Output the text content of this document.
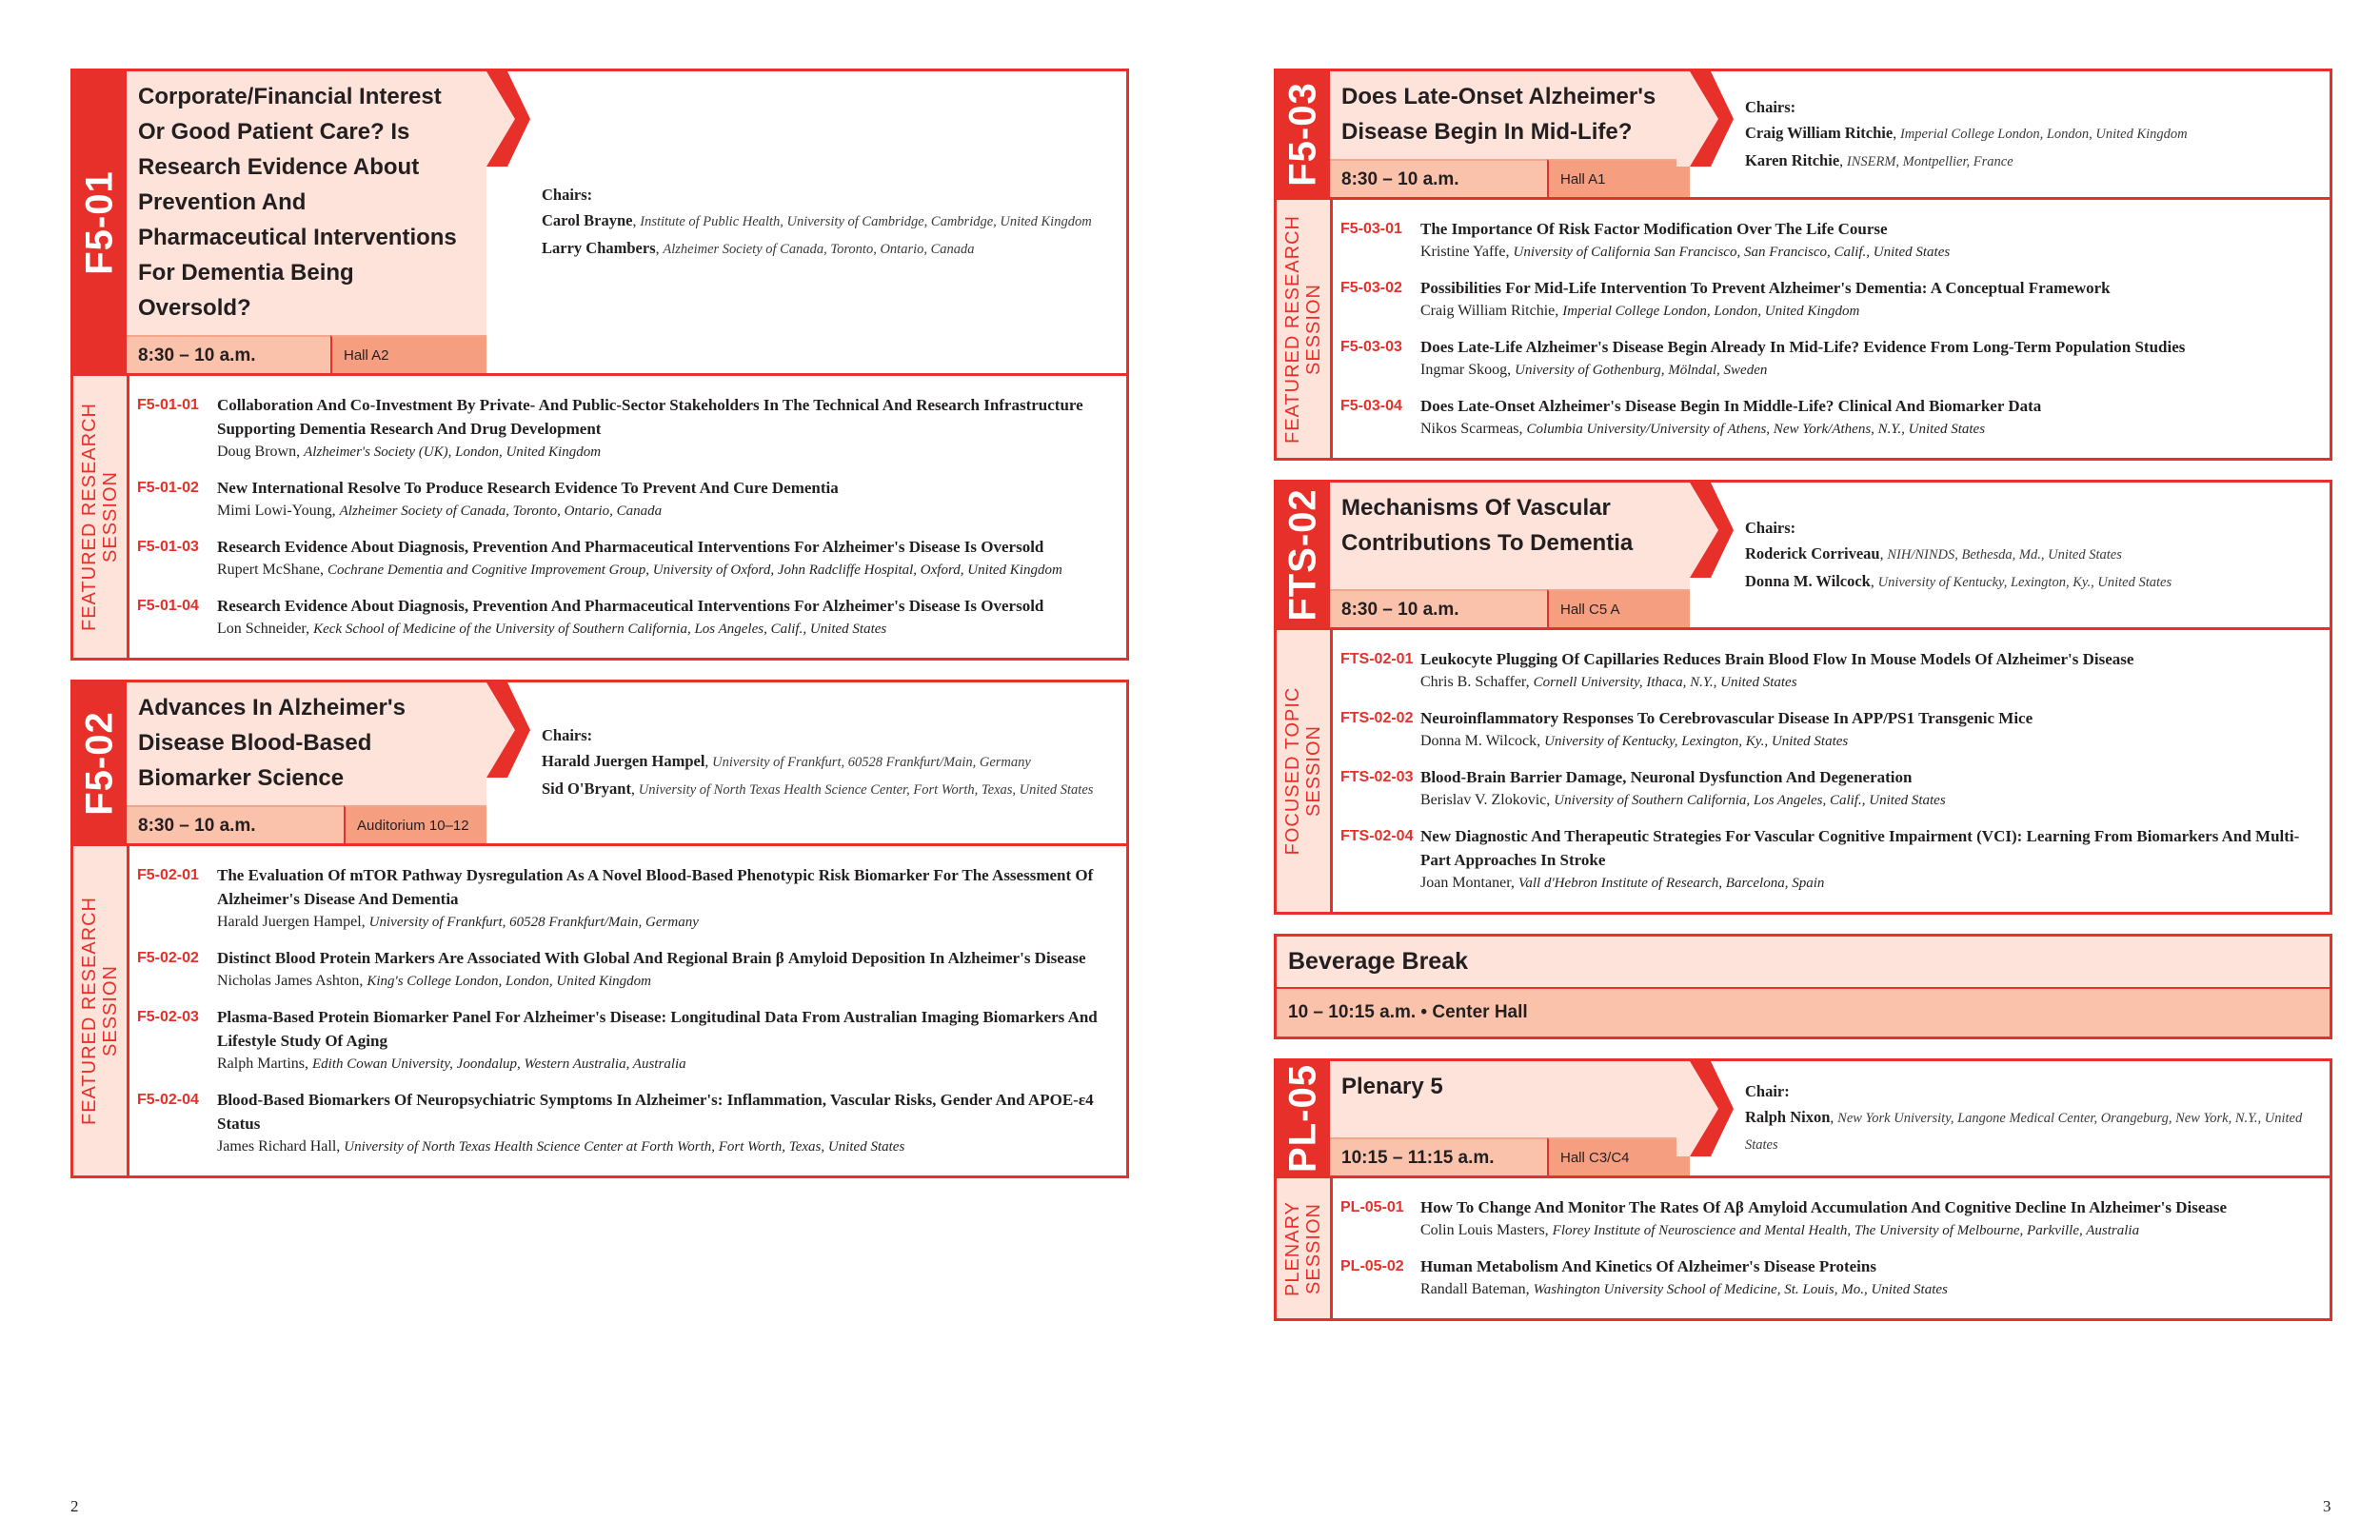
F5-01
Corporate/Financial Interest Or Good Patient Care? Is Research Evidence About Prevention And Pharmaceutical Interventions For Dementia Being Oversold?
8:30 – 10 a.m.	Hall A2
Chairs:
Carol Brayne, Institute of Public Health, University of Cambridge, Cambridge, United Kingdom
Larry Chambers, Alzheimer Society of Canada, Toronto, Ontario, Canada
FEATURED RESEARCH
SESSION
F5-01-01	Collaboration And Co-Investment By Private- And Public-Sector Stakeholders In The Technical And Research Infrastructure Supporting Dementia Research And Drug Development
Doug Brown, Alzheimer's Society (UK), London, United Kingdom
F5-01-02	New International Resolve To Produce Research Evidence To Prevent And Cure Dementia
Mimi Lowi-Young, Alzheimer Society of Canada, Toronto, Ontario, Canada
F5-01-03	Research Evidence About Diagnosis, Prevention And Pharmaceutical Interventions For Alzheimer's Disease Is Oversold
Rupert McShane, Cochrane Dementia and Cognitive Improvement Group, University of Oxford, John Radcliffe Hospital, Oxford, United Kingdom
F5-01-04	Research Evidence About Diagnosis, Prevention And Pharmaceutical Interventions For Alzheimer's Disease Is Oversold
Lon Schneider, Keck School of Medicine of the University of Southern California, Los Angeles, Calif., United States
F5-02
Advances In Alzheimer's Disease Blood-Based Biomarker Science
8:30 – 10 a.m.	Auditorium 10–12
Chairs:
Harald Juergen Hampel, University of Frankfurt, 60528 Frankfurt/Main, Germany
Sid O'Bryant, University of North Texas Health Science Center, Fort Worth, Texas, United States
FEATURED RESEARCH
SESSION
F5-02-01	The Evaluation Of mTOR Pathway Dysregulation As A Novel Blood-Based Phenotypic Risk Biomarker For The Assessment Of Alzheimer's Disease And Dementia
Harald Juergen Hampel, University of Frankfurt, 60528 Frankfurt/Main, Germany
F5-02-02	Distinct Blood Protein Markers Are Associated With Global And Regional Brain β Amyloid Deposition In Alzheimer's Disease
Nicholas James Ashton, King's College London, London, United Kingdom
F5-02-03	Plasma-Based Protein Biomarker Panel For Alzheimer's Disease: Longitudinal Data From Australian Imaging Biomarkers And Lifestyle Study Of Aging
Ralph Martins, Edith Cowan University, Joondalup, Western Australia, Australia
F5-02-04	Blood-Based Biomarkers Of Neuropsychiatric Symptoms In Alzheimer's: Inflammation, Vascular Risks, Gender And APOE-ε4 Status
James Richard Hall, University of North Texas Health Science Center at Forth Worth, Fort Worth, Texas, United States
F5-03 Does Late-Onset Alzheimer's Disease Begin In Mid-Life?
8:30 – 10 a.m.	Hall A1
Chairs:
Craig William Ritchie, Imperial College London, London, United Kingdom
Karen Ritchie, INSERM, Montpellier, France
FEATURED RESEARCH
SESSION
F5-03-01	The Importance Of Risk Factor Modification Over The Life Course
Kristine Yaffe, University of California San Francisco, San Francisco, Calif., United States
F5-03-02	Possibilities For Mid-Life Intervention To Prevent Alzheimer's Dementia: A Conceptual Framework
Craig William Ritchie, Imperial College London, London, United Kingdom
F5-03-03	Does Late-Life Alzheimer's Disease Begin Already In Mid-Life? Evidence From Long-Term Population Studies
Ingmar Skoog, University of Gothenburg, Mölndal, Sweden
F5-03-04	Does Late-Onset Alzheimer's Disease Begin In Middle-Life? Clinical And Biomarker Data
Nikos Scarmeas, Columbia University/University of Athens, New York/Athens, N.Y., United States
FTS-02 Mechanisms Of Vascular Contributions To Dementia
8:30 – 10 a.m.	Hall C5 A
Chairs:
Roderick Corriveau, NIH/NINDS, Bethesda, Md., United States
Donna M. Wilcock, University of Kentucky, Lexington, Ky., United States
FOCUSED TOPIC
SESSION
FTS-02-01 Leukocyte Plugging Of Capillaries Reduces Brain Blood Flow In Mouse Models Of Alzheimer's Disease
Chris B. Schaffer, Cornell University, Ithaca, N.Y., United States
FTS-02-02 Neuroinflammatory Responses To Cerebrovascular Disease In APP/PS1 Transgenic Mice
Donna M. Wilcock, University of Kentucky, Lexington, Ky., United States
FTS-02-03 Blood-Brain Barrier Damage, Neuronal Dysfunction And Degeneration
Berislav V. Zlokovic, University of Southern California, Los Angeles, Calif., United States
FTS-02-04 New Diagnostic And Therapeutic Strategies For Vascular Cognitive Impairment (VCI): Learning From Biomarkers And Multi-Part Approaches In Stroke
Joan Montaner, Vall d'Hebron Institute of Research, Barcelona, Spain
Beverage Break
10 – 10:15 a.m. • Center Hall
PL-05 Plenary 5
10:15 – 11:15 a.m.	Hall C3/C4
Chair:
Ralph Nixon, New York University, Langone Medical Center, Orangeburg, New York, N.Y., United States
PLENARY
SESSION PL-05-01	How To Change And Monitor The Rates Of Aβ Amyloid Accumulation And Cognitive Decline In Alzheimer's Disease
Colin Louis Masters, Florey Institute of Neuroscience and Mental Health, The University of Melbourne, Parkville, Australia
PL-05-02	Human Metabolism And Kinetics Of Alzheimer's Disease Proteins
Randall Bateman, Washington University School of Medicine, St. Louis, Mo., United States
2	3
